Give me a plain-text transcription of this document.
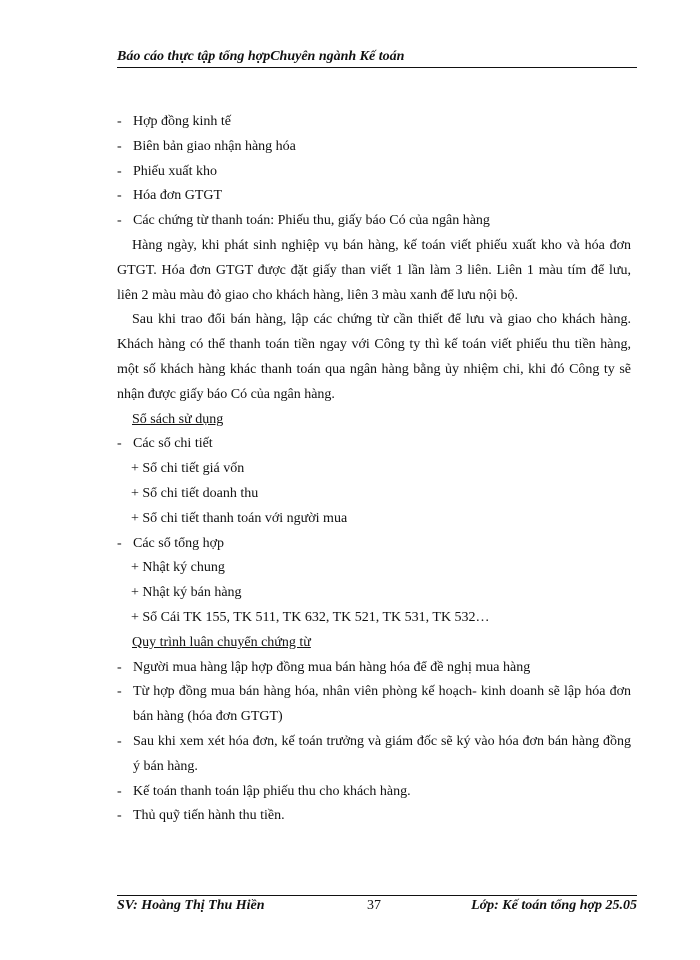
Báo cáo thực tập tổng hợpChuyên ngành Kế toán
- Hợp đồng kinh tế
- Biên bản giao nhận hàng hóa
- Phiếu xuất kho
- Hóa đơn GTGT
- Các chứng từ thanh toán: Phiếu thu, giấy báo Có của ngân hàng
Hàng ngày, khi phát sinh nghiệp vụ bán hàng, kế toán viết phiếu xuất kho và hóa đơn GTGT. Hóa đơn GTGT được đặt giấy than viết 1 lần làm 3 liên. Liên 1 màu tím để lưu, liên 2 màu màu đỏ giao cho khách hàng, liên 3 màu xanh để lưu nội bộ.
Sau khi trao đổi bán hàng, lập các chứng từ cần thiết để lưu và giao cho khách hàng. Khách hàng có thể thanh toán tiền ngay với Công ty thì kế toán viết phiếu thu tiền hàng, một số khách hàng khác thanh toán qua ngân hàng bằng ủy nhiệm chi, khi đó Công ty sẽ nhận được giấy báo Có của ngân hàng.
Sổ sách sử dụng
- Các sổ chi tiết
+ Sổ chi tiết giá vốn
+ Sổ chi tiết doanh thu
+ Sổ chi tiết thanh toán với người mua
- Các sổ tổng hợp
+ Nhật ký chung
+ Nhật ký bán hàng
+ Sổ Cái TK 155, TK 511, TK 632, TK 521, TK 531, TK 532…
Quy trình luân chuyển chứng từ
- Người mua hàng lập hợp đồng mua bán hàng hóa để đề nghị mua hàng
- Từ hợp đồng mua bán hàng hóa, nhân viên phòng kế hoạch- kinh doanh sẽ lập hóa đơn bán hàng (hóa đơn GTGT)
- Sau khi xem xét hóa đơn, kế toán trưởng và giám đốc sẽ ký vào hóa đơn bán hàng đồng ý bán hàng.
- Kế toán thanh toán lập phiếu thu cho khách hàng.
- Thủ quỹ tiến hành thu tiền.
SV: Hoàng Thị Thu Hiền	37	Lớp: Kế toán tổng hợp 25.05
